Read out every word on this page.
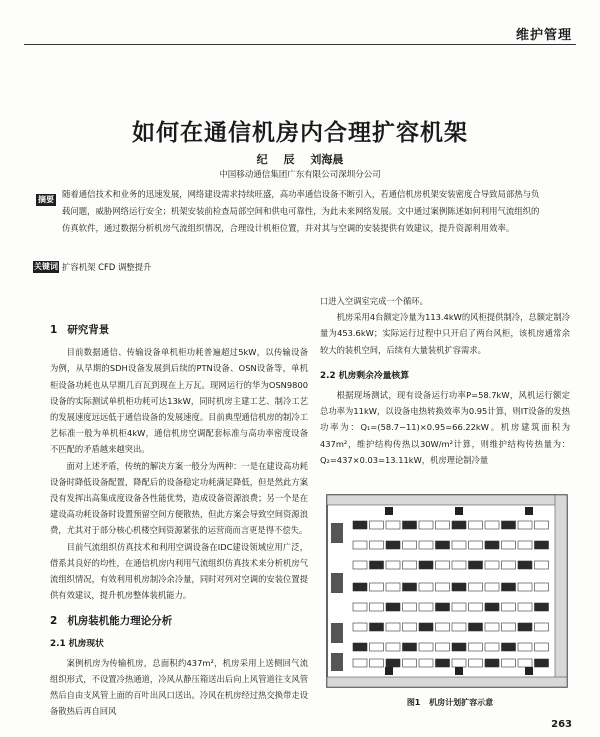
维护管理
如何在通信机房内合理扩容机架
纪 辰 刘海晨
中国移动通信集团广东有限公司深圳分公司
摘要
随着通信技术和业务的迅速发展，网络建设需求持续旺盛，高功率通信设备不断引入，若通信机房机架安装密度合导致局部热与负载问题，威胁网络运行安全；机架安装前检查局部空间和供电可靠性，为此未来网络发展。文中通过案例陈述如何利用气流组织的仿真软件，通过数据分析机房气流组织情况，合理设计机柜位置，并对其与空调的安装提供有效建议，提升资源利用效率。
关键词 扩容机架 CFD 调整提升
1 研究背景

目前数据通信、传输设备单机柜功耗普遍超过5kW，以传输设备为例，从早期的SDH设备发展到后续的PTN设备、OSN设备等，单机柜设备功耗也从早期几百瓦到现在上万瓦。现网运行的华为OSN9800设备的实际测试单机柜功耗可达13kW，同时机房主建工艺、制冷工艺的发展速度远远低于通信设备的发展速度。目前典型通信机房的制冷工艺标准一般为单机柜4kW，通信机房空调配套标准与高功率密度设备不匹配的矛盾越来越突出。

面对上述矛盾，传统的解决方案一般分为两种：一是在建设高功耗设备时降低设备配置，降配后的设备稳定功耗满足降低，但是然此方案没有发挥出高集成度设备各性能优势，造成设备资源浪费；另一个是在建设高功耗设备时设置预留空间方便散热，但此方案会导致空间资源浪费，尤其对于部分核心机楼空间资源紧张的运营商而言更是得不偿失。

目前气流组织仿真技术和利用空调设备在IDC建设领域应用广泛，借系其良好的均性，在通信机房内利用气流组织仿真技术来分析机房气流组织情况，有效利用机房制冷余冷量，同时对列对空调的安装位置提供有效建议，提升机房整体装机能力。

2 机房装机能力理论分析
2.1 机房现状

案例机房为传输机房，总面积约437m²，机房采用上送侧回气流组织形式，不设置冷热通道，冷风从静压箱送出后向上风管道往支风管然后自由支风管上面的百叶出风口送出。冷风在机房经过热交换带走设备散热后再自回风

口进入空调室完成一个循环。

机房采用4台额定冷量为113.4kW的风柜提供制冷，总额定制冷量为453.6kW；实际运行过程中只开启了两台风柜，该机房通常余较大的装机空间，后续有大量装机扩容需求。

2.2 机房剩余冷量核算

根据现场测试，现有设备运行功率P=58.7kW，风机运行额定总功率为11kW，以设备电热转换效率为0.95计算，则IT设备的发热功率为：Q₁=(58.7−11)×0.95=66.22kW。机房建筑面积为437m²，维护结构传热以30W/m²计算，则维护结构传热量为：Q₂=437×0.03=13.11kW，机房理论制冷量

图1 机房计划扩容示意
263
